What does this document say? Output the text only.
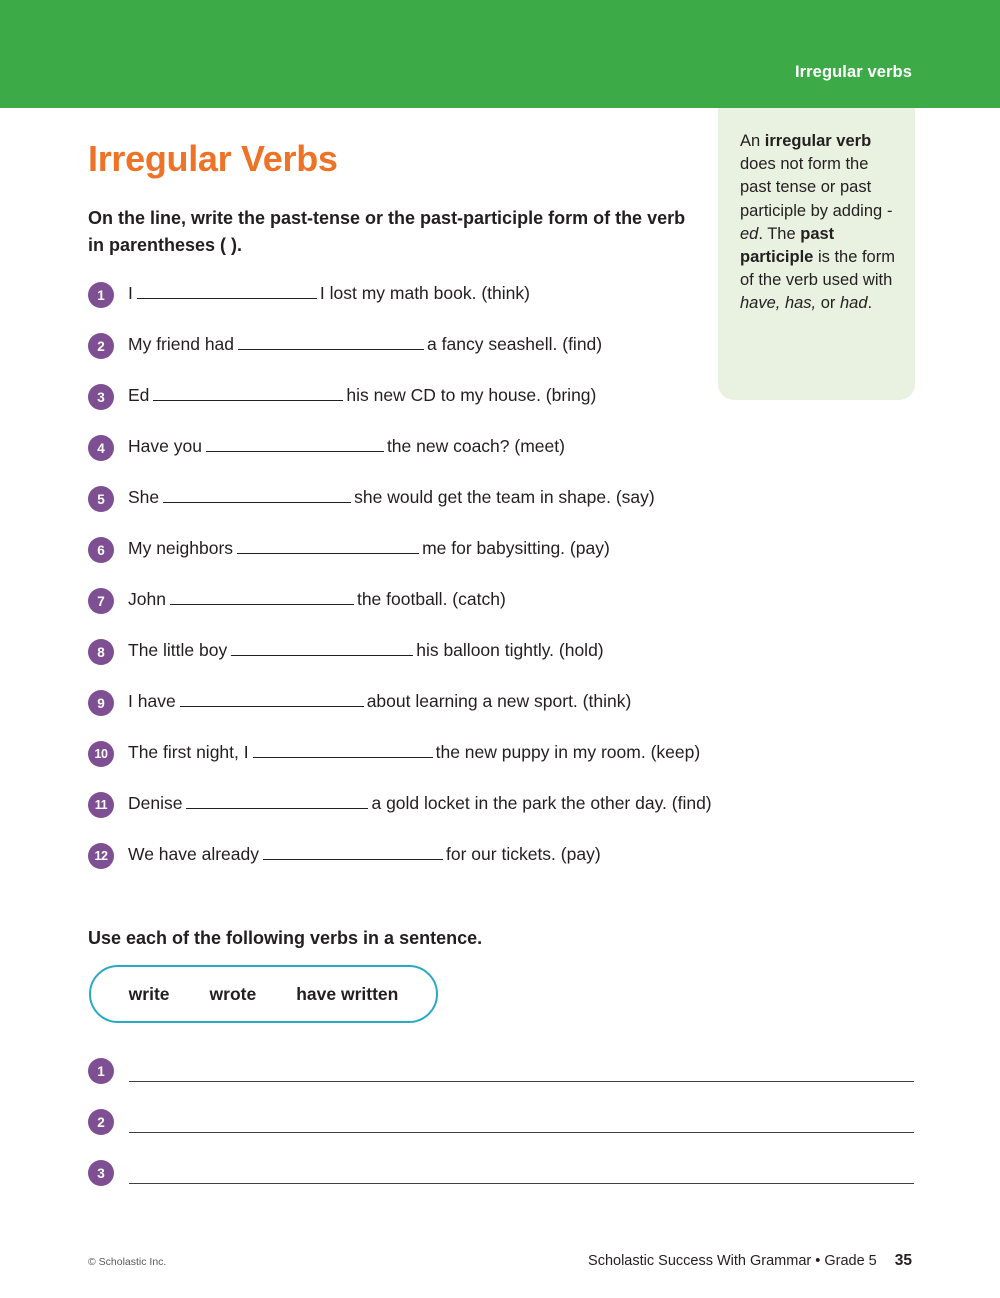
Irregular verbs
An irregular verb does not form the past tense or past participle by adding -ed. The past participle is the form of the verb used with have, has, or had.
Irregular Verbs
On the line, write the past-tense or the past-participle form of the verb in parentheses ( ).
1	I	I lost my math book. (think)
2	My friend had	a fancy seashell. (find)
3	Ed	his new CD to my house. (bring)
4	Have you	the new coach? (meet)
5	She	she would get the team in shape. (say)
6	My neighbors	me for babysitting. (pay)
7	John	the football. (catch)
8	The little boy	his balloon tightly. (hold)
9	I have	about learning a new sport. (think)
10	The first night, I	the new puppy in my room. (keep)
11	Denise	a gold locket in the park the other day. (find)
12	We have already	for our tickets. (pay)
Use each of the following verbs in a sentence.
write wrote have written
1
2
3
© Scholastic Inc.	Scholastic Success With Grammar • Grade 5 35
